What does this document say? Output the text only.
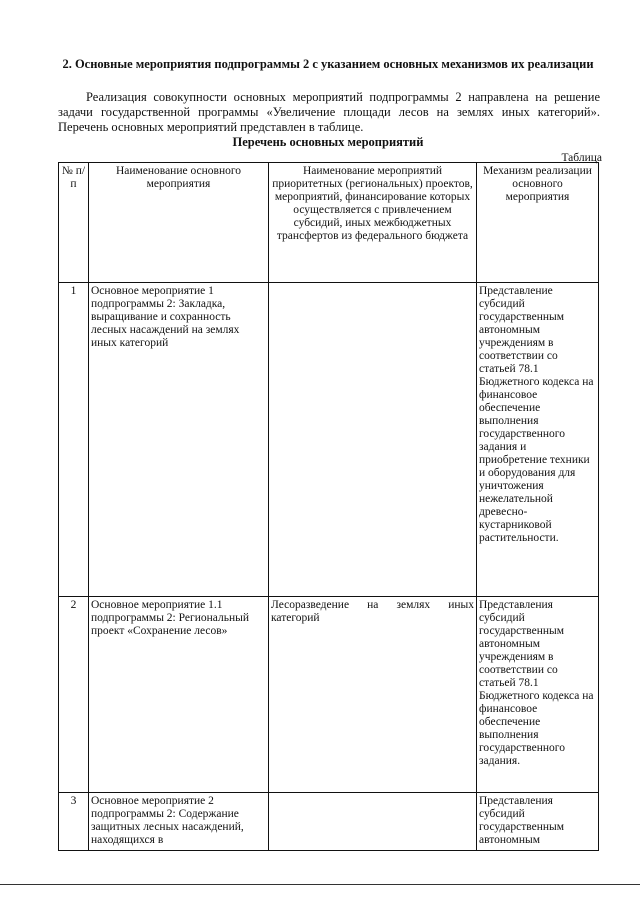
2. Основные мероприятия подпрограммы 2 с указанием основных механизмов их реализации

Реализация совокупности основных мероприятий подпрограммы 2 направлена на решение задачи государственной программы «Увеличение площади лесов на землях иных категорий». Перечень основных мероприятий представлен в таблице.

Перечень основных мероприятий
Таблица
№ п/п	Наименование основного мероприятия	Наименование мероприятий приоритетных (региональных) проектов, мероприятий, финансирование которых осуществляется с привлечением субсидий, иных межбюджетных трансфертов из федерального бюджета	Механизм реализации основного мероприятия
1	Основное мероприятие 1 подпрограммы 2: Закладка, выращивание и сохранность лесных насаждений на землях иных категорий		Представление субсидий государственным автономным учреждениям в соответствии со статьей 78.1 Бюджетного кодекса на финансовое обеспечение выполнения государственного задания и приобретение техники и оборудования для уничтожения нежелательной древесно-кустарниковой растительности.
2	Основное мероприятие 1.1 подпрограммы 2: Региональный проект «Сохранение лесов»	Лесоразведение на землях иных категорий	Представления субсидий государственным автономным учреждениям в соответствии со статьей 78.1 Бюджетного кодекса на финансовое обеспечение выполнения государственного задания.
3	Основное мероприятие 2 подпрограммы 2: Содержание защитных лесных насаждений, находящихся в		Представления субсидий государственным автономным
